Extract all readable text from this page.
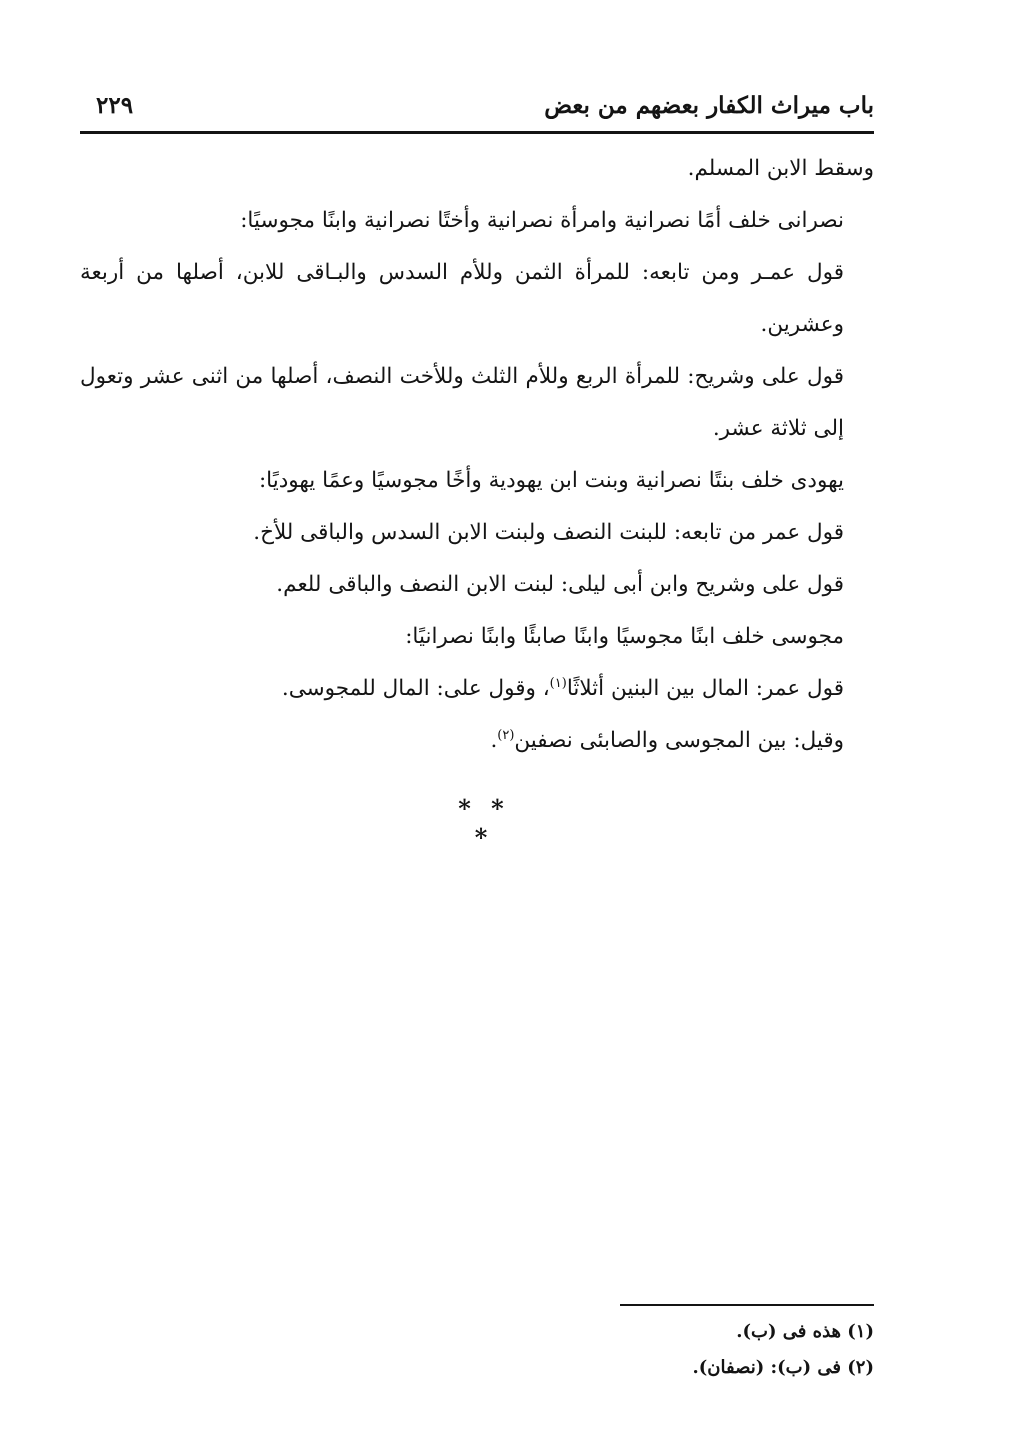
باب ميراث الكفار بعضهم من بعض
٢٢٩

وسقط الابن المسلم.

نصرانى خلف أمًا نصرانية وامرأة نصرانية وأختًا نصرانية وابنًا مجوسيًا:

قول عمـر ومن تابعه: للمرأة الثمن وللأم السدس والبـاقى للابن، أصلها من أربعة وعشرين.

قول على وشريح: للمرأة الربع وللأم الثلث وللأخت النصف، أصلها من اثنى عشر وتعول إلى ثلاثة عشر.

يهودى خلف بنتًا نصرانية وبنت ابن يهودية وأخًا مجوسيًا وعمًا يهوديًا:

قول عمر من تابعه: للبنت النصف ولبنت الابن السدس والباقى للأخ.

قول على وشريح وابن أبى ليلى: لبنت الابن النصف والباقى للعم.

مجوسى خلف ابنًا مجوسيًا وابنًا صابئًا وابنًا نصرانيًا:

قول عمر: المال بين البنين أثلاثًا$^{(١)}$، وقول على: المال للمجوسى.

وقيل: بين المجوسى والصابئى نصفين$^{(٢)}$.

* * *

(١) هذه فى (ب).

(٢) فى (ب): (نصفان).
